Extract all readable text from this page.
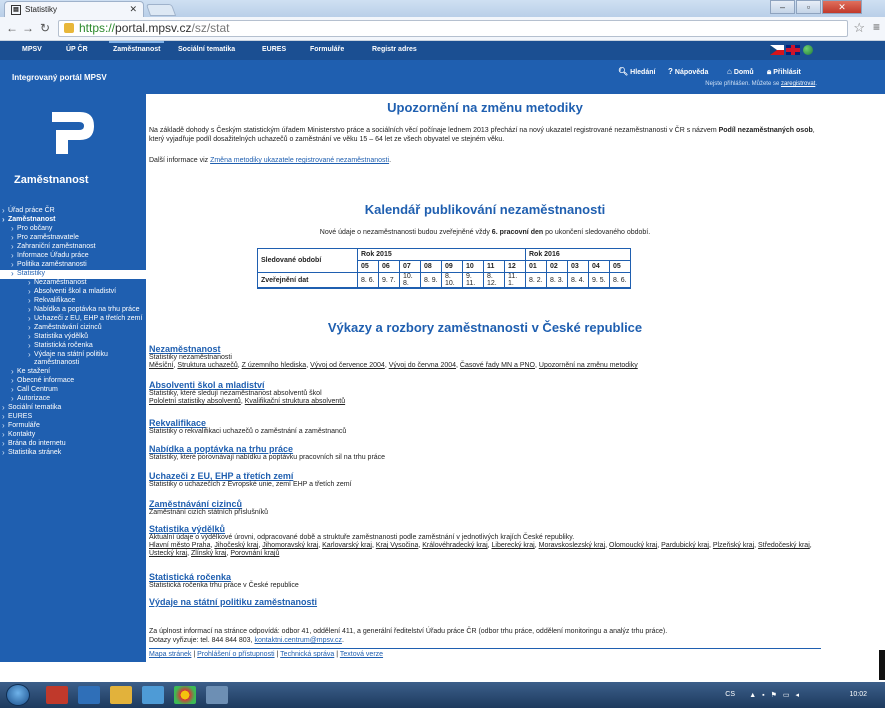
▤ Statistiky	✕	–	▫	✕
← → ↻	https://portal.mpsv.cz/sz/stat	☆ ≡
MPSV	ÚP ČR	Zaměstnanost	Sociální tematika	EURES	Formuláře	Registr adres
Integrovaný portál MPSV
🔍︎ Hledání ? Nápověda ⌂ Domů 🔒︎ Přihlásit
Nejste přihlášen. Můžete se zaregistrovat.
Zaměstnanost
› Úřad práce ČR
› Zaměstnanost
› Pro občany
› Pro zaměstnavatele
› Zahraniční zaměstnanost
› Informace Úřadu práce
› Politika zaměstnanosti
› Statistiky
› Nezaměstnanost
› Absolventi škol a mladiství
› Rekvalifikace
› Nabídka a poptávka na trhu práce
› Uchazeči z EU, EHP a třetích zemí
› Zaměstnávání cizinců
› Statistika výdělků
› Statistická ročenka
› Výdaje na státní politiku zaměstnanosti
› Ke stažení
› Obecné informace
› Call Centrum
› Autorizace
› Sociální tematika
› EURES
› Formuláře
› Kontakty
› Brána do internetu
› Statistika stránek
Upozornění na změnu metodiky
Na základě dohody s Českým statistickým úřadem Ministerstvo práce a sociálních věcí počínaje lednem 2013 přechází na nový ukazatel registrované nezaměstnanosti v ČR s názvem Podíl nezaměstnaných osob, který vyjadřuje podíl dosažitelných uchazečů o zaměstnání ve věku 15 – 64 let ze všech obyvatel ve stejném věku.
Další informace viz Změna metodiky ukazatele registrované nezaměstnanosti.
Kalendář publikování nezaměstnanosti
Nové údaje o nezaměstnanosti budou zveřejněné vždy 6. pracovní den po ukončení sledovaného období.
Sledované období	Rok 2015								Rok 2016				
	05	06	07	08	09	10	11	12	01	02	03	04	05
Zveřejnění dat	8. 6.	9. 7.	10. 8.	8. 9.	8. 10.	9. 11.	8. 12.	11. 1.	8. 2.	8. 3.	8. 4.	9. 5.	8. 6.
Výkazy a rozbory zaměstnanosti v České republice
Nezaměstnanost
Statistiky nezaměstnanosti
Měsíční, Struktura uchazečů, Z územního hlediska, Vývoj od července 2004, Vývoj do června 2004, Časové řady MN a PNO, Upozornění na změnu metodiky
Absolventi škol a mladiství
Statistiky, které sledují nezaměstnanost absolventů škol
Pololetní statistiky absolventů, Kvalifikační struktura absolventů
Rekvalifikace
Statistiky o rekvalifikaci uchazečů o zaměstnání a zaměstnanců
Nabídka a poptávka na trhu práce
Statistiky, které porovnávají nabídku a poptávku pracovních sil na trhu práce
Uchazeči z EU, EHP a třetích zemí
Statistiky o uchazečích z Evropské unie, zemí EHP a třetích zemí
Zaměstnávání cizinců
Zaměstnání cizích státních příslušníků
Statistika výdělků
Aktuální údaje o výdělkové úrovni, odpracované době a struktuře zaměstnanosti podle zaměstnání v jednotlivých krajích České republiky.
Hlavní město Praha, Jihočeský kraj, Jihomoravský kraj, Karlovarský kraj, Kraj Vysočina, Královéhradecký kraj, Liberecký kraj, Moravskoslezský kraj, Olomoucký kraj, Pardubický kraj, Plzeňský kraj, Středočeský kraj, Ústecký kraj, Zlínský kraj, Porovnání krajů
Statistická ročenka
Statistická ročenka trhu práce v České republice
Výdaje na státní politiku zaměstnanosti
Za úplnost informací na stránce odpovídá: odbor 41, oddělení 411, a generální ředitelství Úřadu práce ČR (odbor trhu práce, oddělení monitoringu a analýz trhu práce).
Dotazy vyřizuje: tel. 844 844 803, kontaktni.centrum@mpsv.cz.
Mapa stránek | Prohlášení o přístupnosti | Technická správa | Textová verze
CS ▲▪⚑▭◂	10:02
